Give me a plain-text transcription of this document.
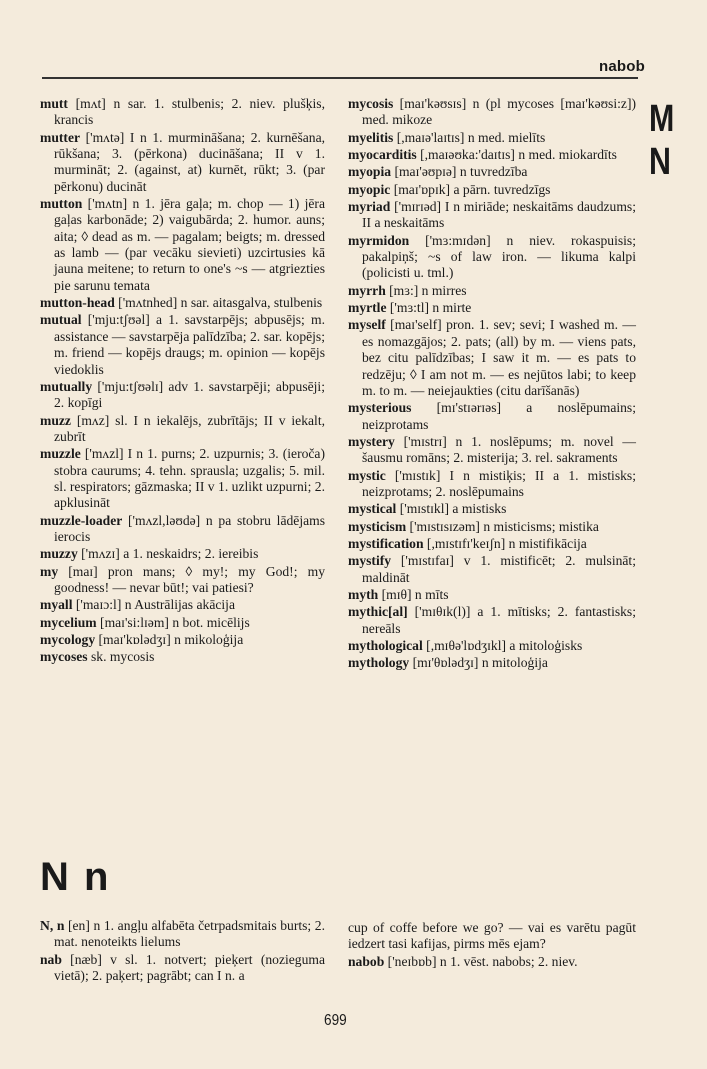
nabob
M
N
mutt [mʌt] n sar. 1. stulbenis; 2. niev. plušķis, krancis
mutter ['mʌtə] I n 1. murmināšana; 2. kurnēšana, rūkšana; 3. (pērkona) ducināšana; II v 1. murmināt; 2. (against, at) kurnēt, rūkt; 3. (par pērkonu) ducināt
mutton ['mʌtn] n 1. jēra gaļa; m. chop — 1) jēra gaļas karbonāde; 2) vaigubārda; 2. humor. auns; aita; ◊ dead as m. — pagalam; beigts; m. dressed as lamb — (par vecāku sievieti) uzcirtusies kā jauna meitene; to return to one's ~s — atgriezties pie sarunu temata
mutton-head ['mʌtnhed] n sar. aitasgalva, stulbenis
mutual ['mju:tʃʊəl] a 1. savstarpējs; abpusējs; m. assistance — savstarpēja palīdzība; 2. sar. kopējs; m. friend — kopējs draugs; m. opinion — kopējs viedoklis
mutually ['mju:tʃʊəlɪ] adv 1. savstarpēji; abpusēji; 2. kopīgi
muzz [mʌz] sl. I n iekalējs, zubrītājs; II v iekalt, zubrīt
muzzle ['mʌzl] I n 1. purns; 2. uzpurnis; 3. (ieroča) stobra caurums; 4. tehn. sprausla; uzgalis; 5. mil. sl. respirators; gāzmaska; II v 1. uzlikt uzpurni; 2. apklusināt
muzzle-loader ['mʌzl,ləʊdə] n pa stobru lādējams ierocis
muzzy ['mʌzɪ] a 1. neskaidrs; 2. iereibis
my [maɪ] pron mans; ◊ my!; my God!; my goodness! — nevar būt!; vai patiesi?
myall ['maɪɔ:l] n Austrālijas akācija
mycelium [maɪ'si:lɪəm] n bot. micēlijs
mycology [maɪ'kɒlədʒɪ] n mikoloģija
mycoses sk. mycosis
mycosis [maɪ'kəʊsɪs] n (pl mycoses [maɪ'kəʊsi:z]) med. mikoze
myelitis [,maɪə'laɪtɪs] n med. mielīts
myocarditis [,maɪəʊka:'daɪtɪs] n med. miokardīts
myopia [maɪ'əʊpɪə] n tuvredzība
myopic [maɪ'ɒpɪk] a pārn. tuvredzīgs
myriad ['mɪrɪəd] I n miriāde; neskaitāms daudzums; II a neskaitāms
myrmidon ['mɜ:mɪdən] n niev. rokaspuisis; pakalpiņš; ~s of law iron. — likuma kalpi (policisti u. tml.)
myrrh [mɜ:] n mirres
myrtle ['mɜ:tl] n mirte
myself [maɪ'self] pron. 1. sev; sevi; I washed m. — es nomazgājos; 2. pats; (all) by m. — viens pats, bez citu palīdzības; I saw it m. — es pats to redzēju; ◊ I am not m. — es nejūtos labi; to keep m. to m. — neiejaukties (citu darīšanās)
mysterious [mɪ'stɪərɪəs] a noslēpumains; neizprotams
mystery ['mɪstrɪ] n 1. noslēpums; m. novel — šausmu romāns; 2. misterija; 3. rel. sakraments
mystic ['mɪstɪk] I n mistiķis; II a 1. mistisks; neizprotams; 2. noslēpumains
mystical ['mɪstɪkl] a mistisks
mysticism ['mɪstɪsɪzəm] n misticisms; mistika
mystification [,mɪstɪfɪ'keɪʃn] n mistifikācija
mystify ['mɪstɪfaɪ] v 1. mistificēt; 2. mulsināt; maldināt
myth [mɪθ] n mīts
mythic[al] ['mɪθɪk(l)] a 1. mītisks; 2. fantastisks; nereāls
mythological [,mɪθə'lɒdʒɪkl] a mitoloģisks
mythology [mɪ'θɒlədʒɪ] n mitoloģija
N n
N, n [en] n 1. angļu alfabēta četrpadsmitais burts; 2. mat. nenoteikts lielums
nab [næb] v sl. 1. notvert; pieķert (noziegumа vietā); 2. paķert; pagrābt; can I n. a
cup of coffe before we go? — vai es varētu pagūt iedzert tasi kafijas, pirms mēs ejam?
nabob ['neɪbɒb] n 1. vēst. nabobs; 2. niev.
699
